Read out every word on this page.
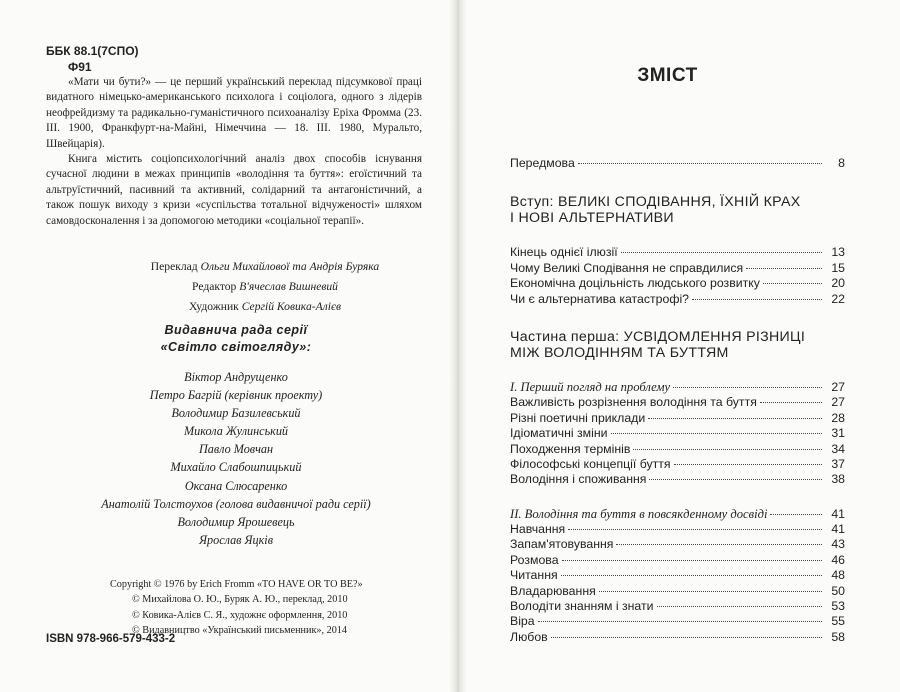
ББК 88.1(7СПО)
Ф91

«Мати чи бути?» — це перший український переклад підсумкової праці видатного німецько-американського психолога і соціолога, одного з лідерів неофрейдизму та радикально-гуманістичного психоаналізу Еріха Фромма (23. III. 1900, Франкфурт-на-Майні, Німеччина — 18. III. 1980, Муральто, Швейцарія).

Книга містить соціопсихологічний аналіз двох способів існування сучасної людини в межах принципів «володіння та буття»: егоїстичний та альтруїстичний, пасивний та активний, солідарний та антагоністичний, а також пошук виходу з кризи «суспільства тотальної відчуженості» шляхом самовдосконалення і за допомогою методики «соціальної терапії».

Переклад Ольги Михайлової та Андрія Буряка
Редактор В'ячеслав Вишневий
Художник Сергій Ковика-Алієв
Видавнича рада серії
«Світло світогляду»:
Віктор Андрущенко
Петро Багрій (керівник проекту)
Володимир Базилевський
Микола Жулинський
Павло Мовчан
Михайло Слабошпицький
Оксана Слюсаренко
Анатолій Толстоухов (голова видавничої ради серії)
Володимир Ярошевець
Ярослав Яцків
Copyright © 1976 by Erich Fromm «TO HAVE OR TO BE?»
© Михайлова О. Ю., Буряк А. Ю., переклад, 2010
© Ковика-Алієв С. Я., художнє оформлення, 2010
© Видавництво «Український письменник», 2014
ISBN 978-966-579-433-2
ЗМІСТ
Передмова	8
Вступ: ВЕЛИКІ СПОДІВАННЯ, ЇХНІЙ КРАХ
І НОВІ АЛЬТЕРНАТИВИ
Кінець однієї ілюзії	13
Чому Великі Сподівання не справдилися	15
Економічна доцільність людського розвитку	20
Чи є альтернатива катастрофі?	22
Частина перша: УСВІДОМЛЕННЯ РІЗНИЦІ
МІЖ ВОЛОДІННЯМ ТА БУТТЯМ
І. Перший погляд на проблему	27
Важливість розрізнення володіння та буття	27
Різні поетичні приклади	28
Ідіоматичні зміни	31
Походження термінів	34
Філософські концепції буття	37
Володіння і споживання	38
ІІ. Володіння та буття в повсякденному досвіді	41
Навчання	41
Запам'ятовування	43
Розмова	46
Читання	48
Владарювання	50
Володіти знанням і знати	53
Віра	55
Любов	58
